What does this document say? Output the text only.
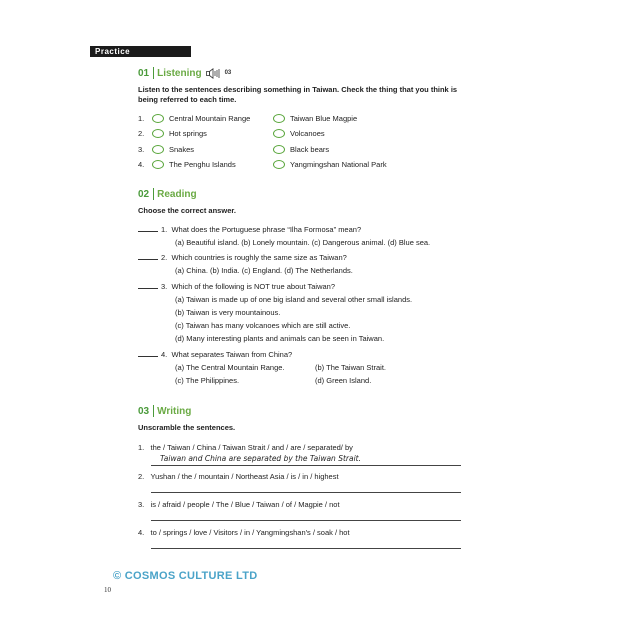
Practice
01 Listening	03
Listen to the sentences describing something in Taiwan. Check the thing that you think is being referred to each time.
1.	Central Mountain Range	Taiwan Blue Magpie
2.	Hot springs	Volcanoes
3.	Snakes	Black bears
4.	The Penghu Islands	Yangmingshan National Park
02 Reading
Choose the correct answer.
1. What does the Portuguese phrase “Ilha Formosa” mean?
(a) Beautiful island. (b) Lonely mountain. (c) Dangerous animal. (d) Blue sea.
2. Which countries is roughly the same size as Taiwan?
(a) China. (b) India. (c) England. (d) The Netherlands.
3. Which of the following is NOT true about Taiwan?
(a) Taiwan is made up of one big island and several other small islands.
(b) Taiwan is very mountainous.
(c) Taiwan has many volcanoes which are still active.
(d) Many interesting plants and animals can be seen in Taiwan.
4. What separates Taiwan from China?
(a) The Central Mountain Range.	(b) The Taiwan Strait.
(c) The Philippines.	(d) Green Island.
03 Writing
Unscramble the sentences.
1. the / Taiwan / China / Taiwan Strait / and / are / separated/ by
Taiwan and China are separated by the Taiwan Strait.
2. Yushan / the / mountain / Northeast Asia / is / in / highest
3. is / afraid / people / The / Blue / Taiwan / of / Magpie / not
4. to / springs / love / Visitors / in / Yangmingshan's / soak / hot
© COSMOS CULTURE LTD
10
